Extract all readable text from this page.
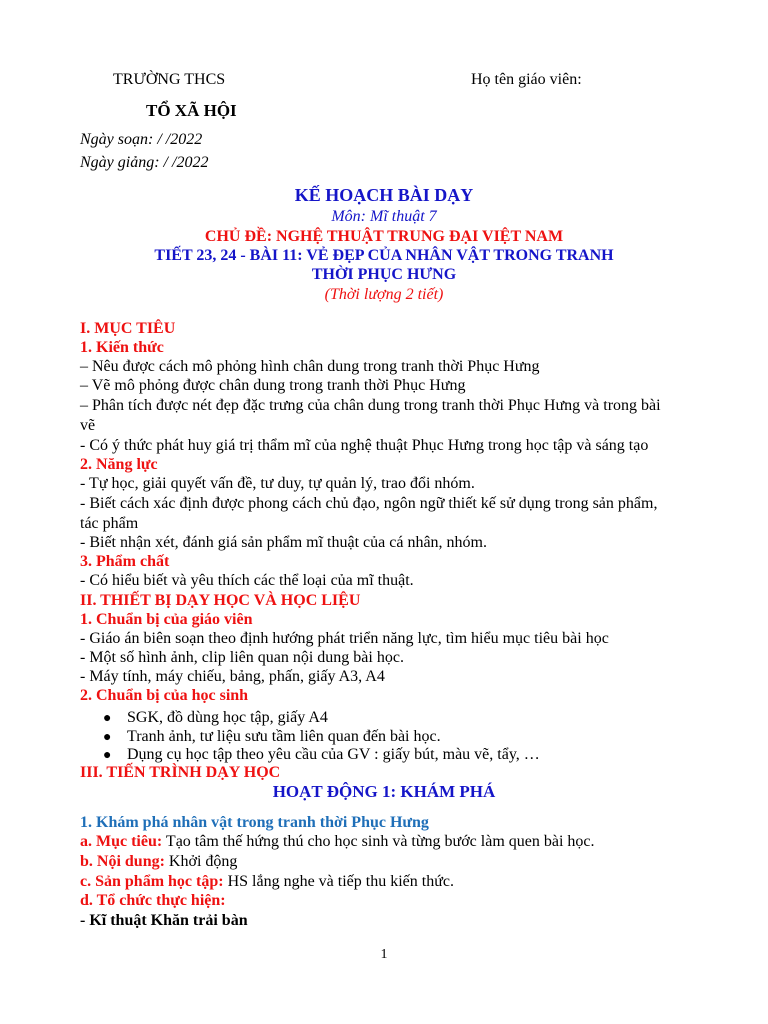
TRƯỜNG THCS	Họ tên giáo viên:
TỔ XÃ HỘI
Ngày soạn: / /2022
Ngày giảng: / /2022
KẾ HOẠCH BÀI DẠY
Môn: Mĩ thuật 7
CHỦ ĐỀ: NGHỆ THUẬT TRUNG ĐẠI VIỆT NAM
TIẾT 23, 24 - BÀI 11: VẺ ĐẸP CỦA NHÂN VẬT TRONG TRANH
THỜI PHỤC HƯNG
(Thời lượng 2 tiết)
I. MỤC TIÊU
1. Kiến thức
– Nêu được cách mô phỏng hình chân dung trong tranh thời Phục Hưng
– Vẽ mô phỏng được chân dung trong tranh thời Phục Hưng
– Phân tích được nét đẹp đặc trưng của chân dung trong tranh thời Phục Hưng và trong bài
vẽ
- Có ý thức phát huy giá trị thẩm mĩ của nghệ thuật Phục Hưng trong học tập và sáng tạo
2. Năng lực
- Tự học, giải quyết vấn đề, tư duy, tự quản lý, trao đổi nhóm.
- Biết cách xác định được phong cách chủ đạo, ngôn ngữ thiết kế sử dụng trong sản phẩm,
tác phẩm
- Biết nhận xét, đánh giá sản phẩm mĩ thuật của cá nhân, nhóm.
3. Phẩm chất
- Có hiểu biết và yêu thích các thể loại của mĩ thuật.
II. THIẾT BỊ DẠY HỌC VÀ HỌC LIỆU
1. Chuẩn bị của giáo viên
- Giáo án biên soạn theo định hướng phát triển năng lực, tìm hiểu mục tiêu bài học
- Một số hình ảnh, clip liên quan nội dung bài học.
- Máy tính, máy chiếu, bảng, phấn, giấy A3, A4
2. Chuẩn bị của học sinh
● SGK, đồ dùng học tập, giấy A4
● Tranh ảnh, tư liệu sưu tầm liên quan đến bài học.
● Dụng cụ học tập theo yêu cầu của GV : giấy bút, màu vẽ, tẩy, …
III. TIẾN TRÌNH DẠY HỌC
HOẠT ĐỘNG 1: KHÁM PHÁ
1. Khám phá nhân vật trong tranh thời Phục Hưng
a. Mục tiêu: Tạo tâm thế hứng thú cho học sinh và từng bước làm quen bài học.
b. Nội dung: Khởi động
c. Sản phẩm học tập: HS lắng nghe và tiếp thu kiến thức.
d. Tổ chức thực hiện:
- Kĩ thuật Khăn trải bàn
1
